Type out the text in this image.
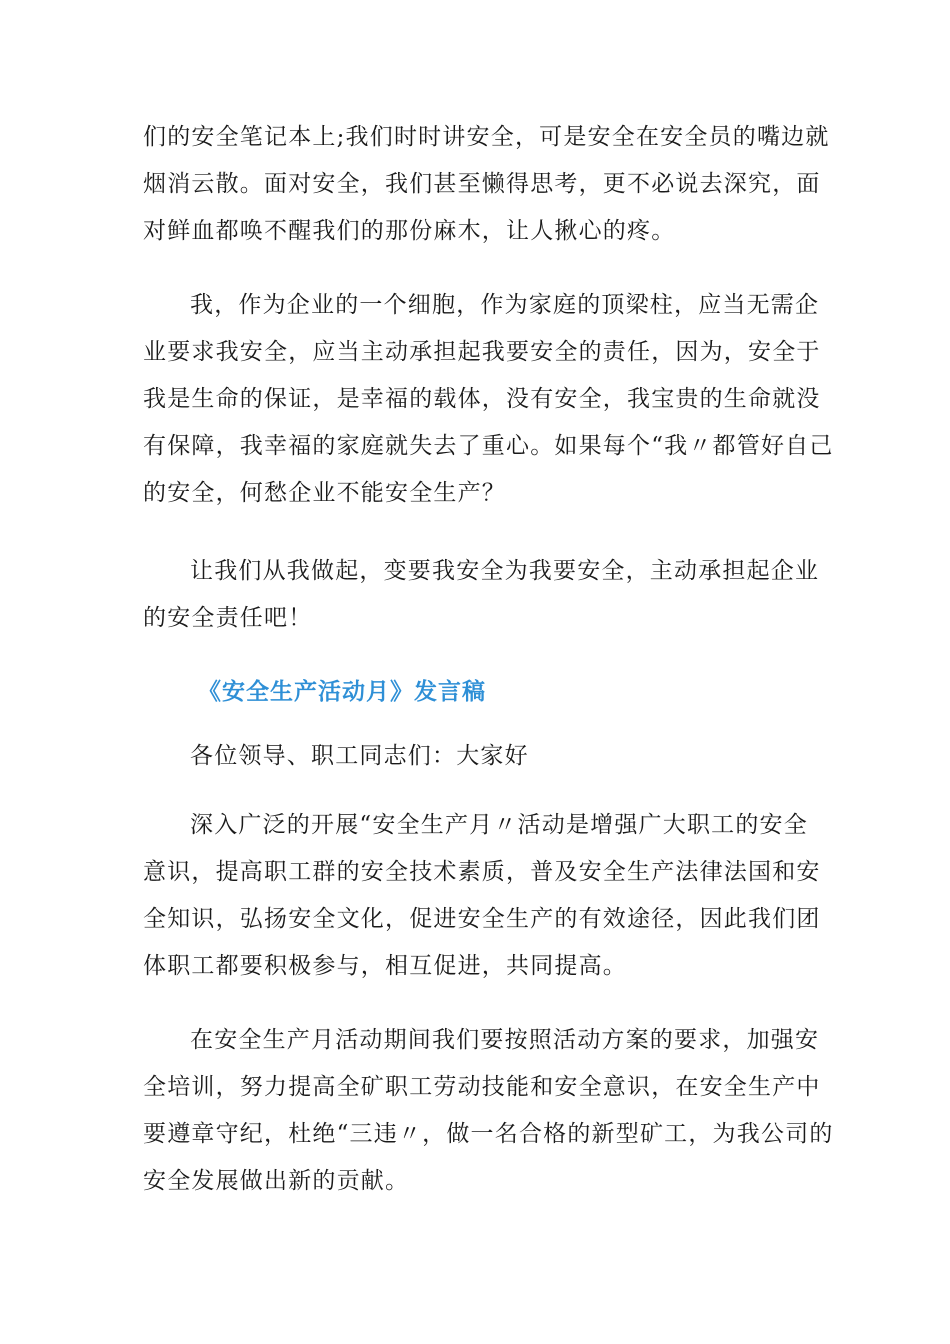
们的安全笔记本上;我们时时讲安全，可是安全在安全员的嘴边就
烟消云散。面对安全，我们甚至懒得思考，更不必说去深究，面
对鲜血都唤不醒我们的那份麻木，让人揪心的疼。

我，作为企业的一个细胞，作为家庭的顶梁柱，应当无需企
业要求我安全，应当主动承担起我要安全的责任，因为，安全于
我是生命的保证，是幸福的载体，没有安全，我宝贵的生命就没
有保障，我幸福的家庭就失去了重心。如果每个“我〃都管好自己
的安全，何愁企业不能安全生产？

让我们从我做起，变要我安全为我要安全，主动承担起企业
的安全责任吧！

《安全生产活动月》发言稿

各位领导、职工同志们：大家好

深入广泛的开展“安全生产月〃活动是增强广大职工的安全
意识，提高职工群的安全技术素质，普及安全生产法律法国和安
全知识，弘扬安全文化，促进安全生产的有效途径，因此我们团
体职工都要积极参与，相互促进，共同提高。

在安全生产月活动期间我们要按照活动方案的要求，加强安
全培训，努力提高全矿职工劳动技能和安全意识，在安全生产中
要遵章守纪，杜绝“三违〃，做一名合格的新型矿工，为我公司的
安全发展做出新的贡献。
